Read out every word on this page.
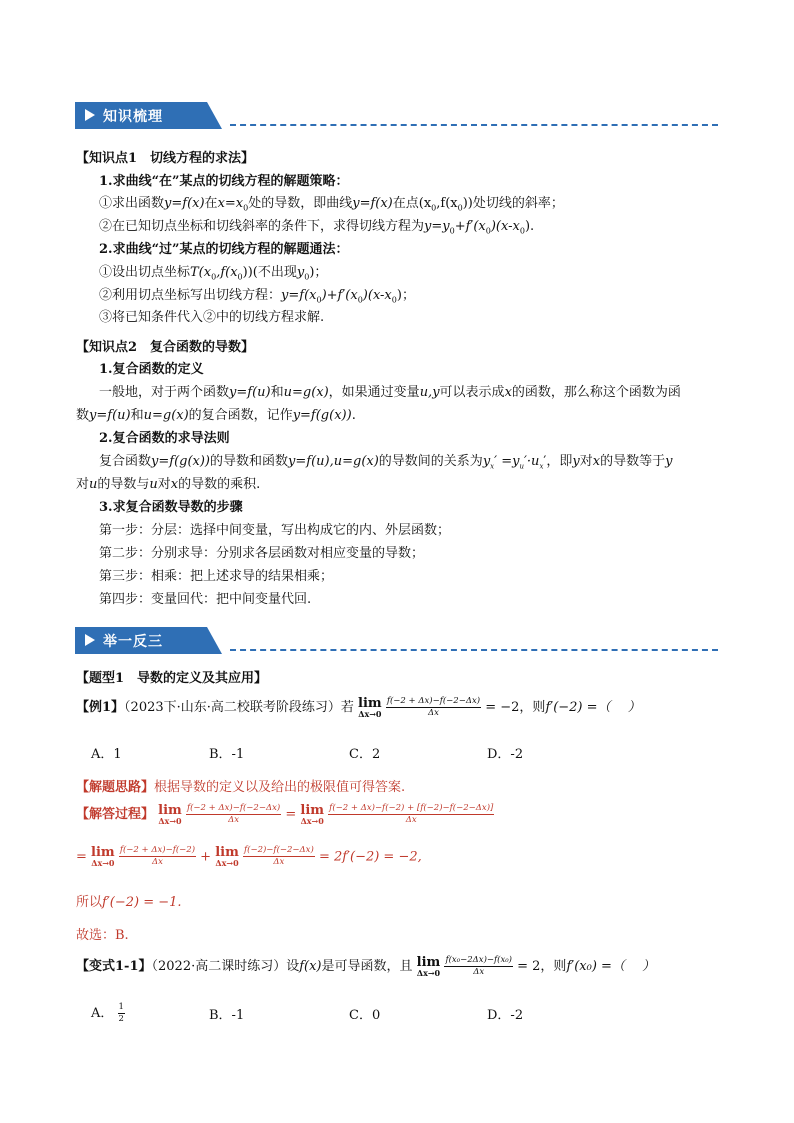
知识梳理
【知识点1　切线方程的求法】
1.求曲线“在”某点的切线方程的解题策略：
①求出函数y=f(x)在$x=x_0$处的导数，即曲线y=f(x)在点$(x_0,f(x_0))$处切线的斜率；
②在已知切点坐标和切线斜率的条件下，求得切线方程为$y=y_0+f'(x_0)(x-x_0)$.
2.求曲线“过”某点的切线方程的解题通法：
①设出切点坐标$T(x_0,f(x_0))$(不出现$y_0$)；
②利用切点坐标写出切线方程：$y=f(x_0)+f'(x_0)(x-x_0)$；
③将已知条件代入②中的切线方程求解.
【知识点2　复合函数的导数】
1.复合函数的定义
一般地，对于两个函数y=f(u)和u=g(x)，如果通过变量u,y可以表示成x的函数，那么称这个函数为函
数y=f(u)和u=g(x)的复合函数，记作y=f(g(x)).
2.复合函数的求导法则
复合函数y=f(g(x))的导数和函数y=f(u),u=g(x)的导数间的关系为$y_x' =y_u'\cdot u_x'$，即y对x的导数等于y
对u的导数与u对x的导数的乘积.
3.求复合函数导数的步骤
第一步：分层：选择中间变量，写出构成它的内、外层函数；
第二步：分别求导：分别求各层函数对相应变量的导数；
第三步：相乘：把上述求导的结果相乘；
第四步：变量回代：把中间变量代回.
举一反三
【题型1　导数的定义及其应用】
【例1】（2023下·山东·高二校联考阶段练习）若 lim
Δx→0
$\frac{f(-2 + \Delta x)-f(-2-\Delta x)}{\Delta x} = -2$，则f′(−2) =（　 ）
A．1	B．-1	C．2	D．-2
【解题思路】根据导数的定义以及给出的极限值可得答案.
【解答过程】 lim
Δx→0
$\frac{f(-2 + \Delta x)-f(-2-\Delta x)}{\Delta x} = \lim$
Δx→0
$\frac{f(-2 + \Delta x)-f(-2) + [f(-2)-f(-2-\Delta x)]}{\Delta x}$
= lim
Δx→0
$\frac{f(-2 + \Delta x)-f(-2)}{\Delta x} + \lim$
Δx→0
$\frac{f(-2)-f(-2-\Delta x)}{\Delta x} = 2f'(-2) = -2$,
所以f′(−2) = −1.
故选：B.
【变式1-1】（2022·高二课时练习）设f(x)是可导函数，且 lim
Δx→0
$\frac{\text{f(x₀−2Δx)−f(x₀)}}{\Delta x} = 2$，则f′(x₀) =（　 ）
A． $\frac{1}{2}$	B．-1	C．0	D．-2
